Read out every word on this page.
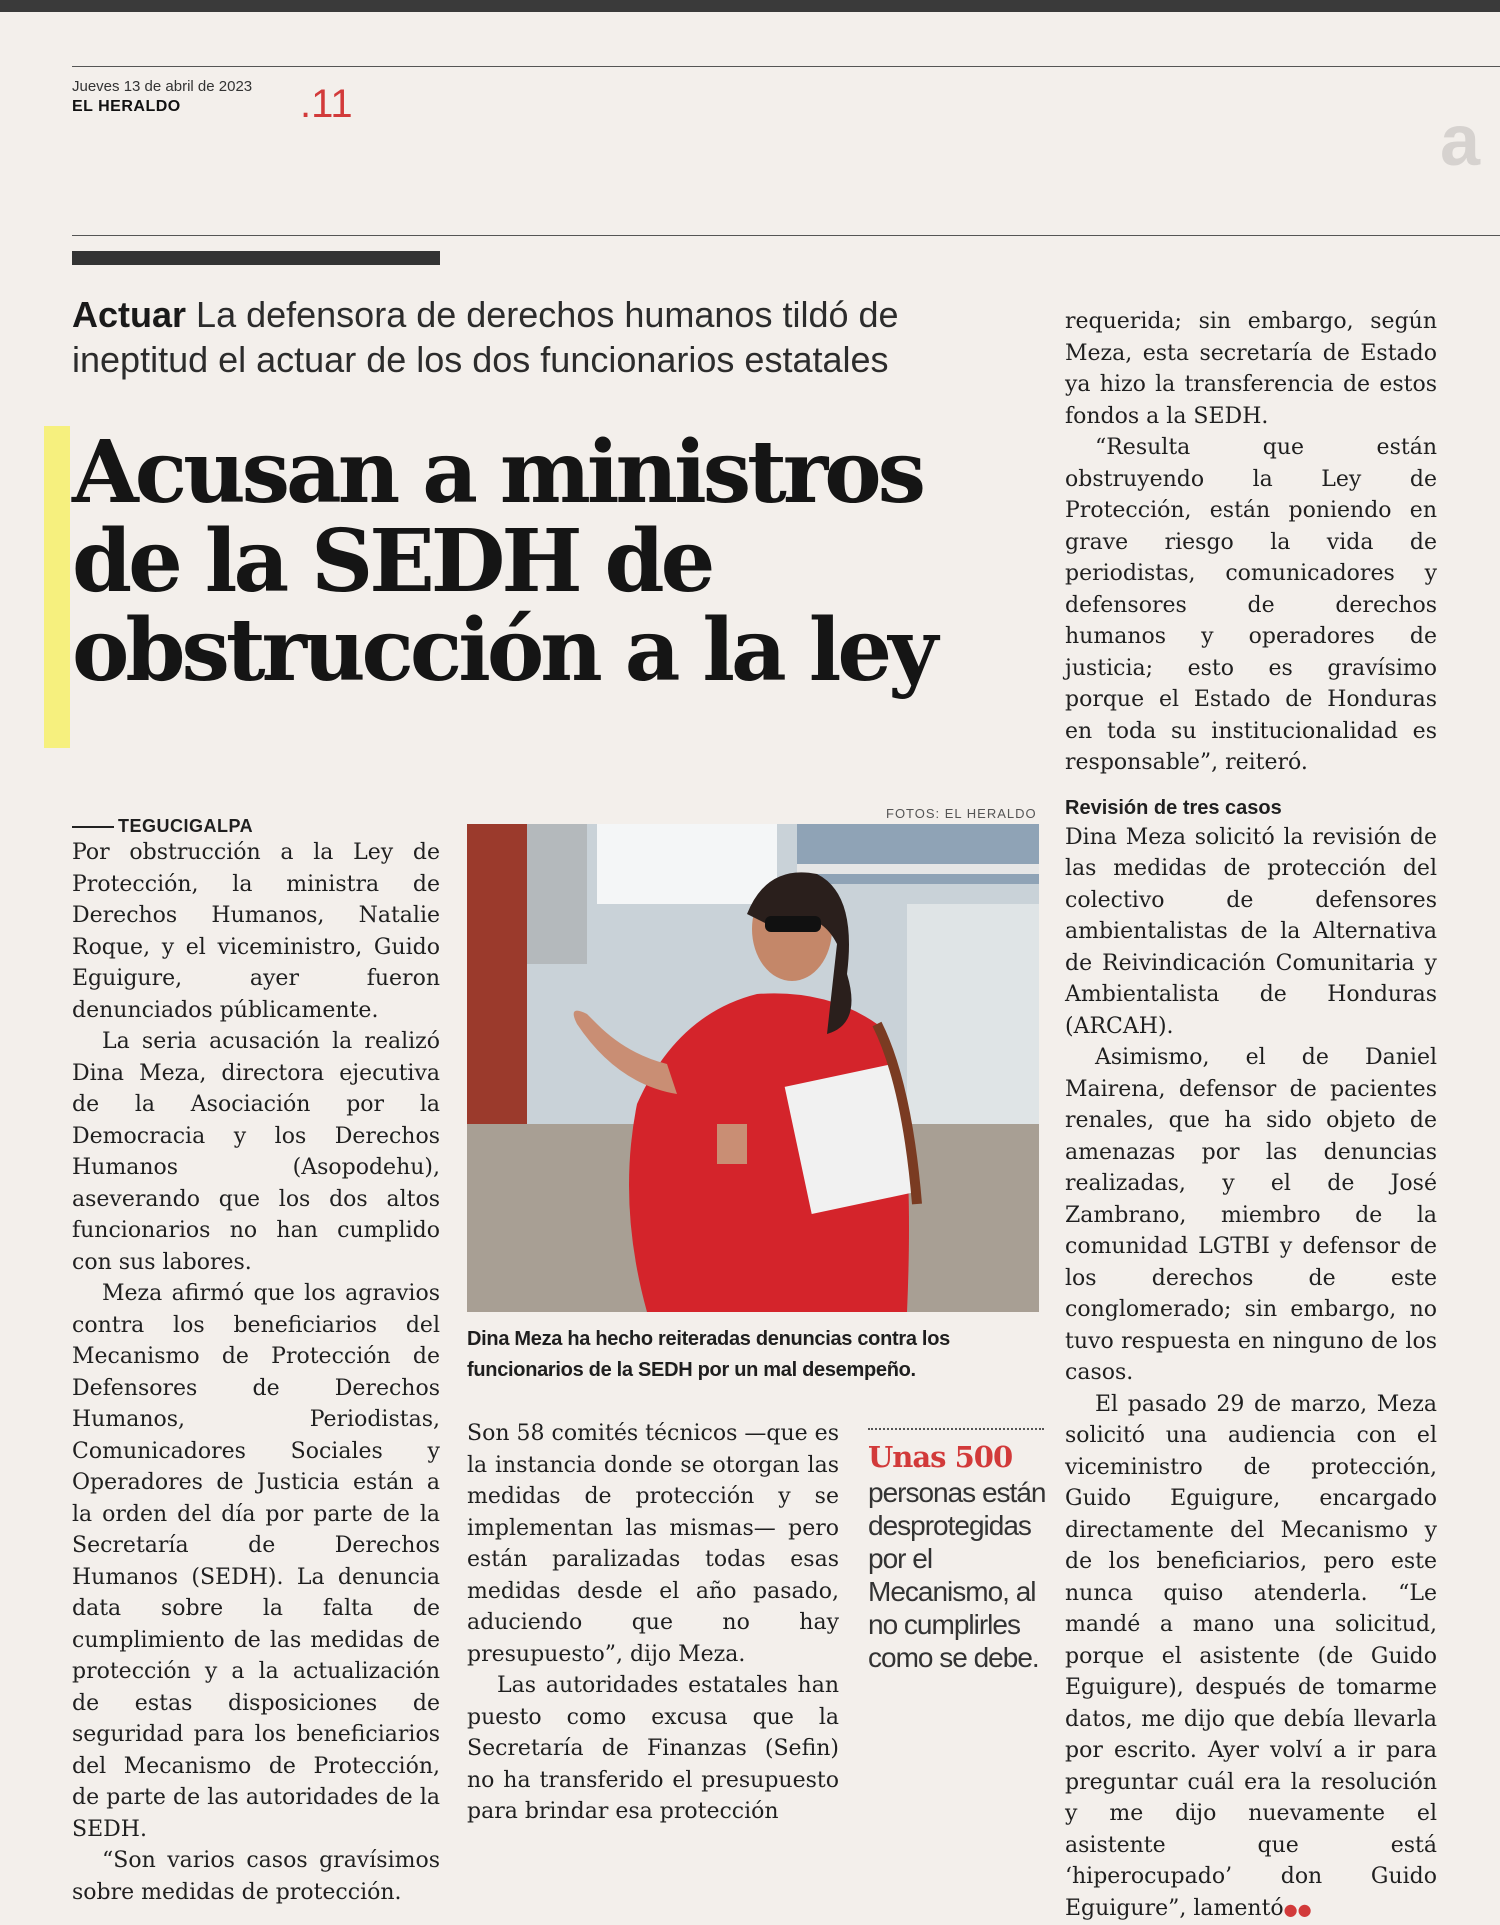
Jueves 13 de abril de 2023
EL HERALDO	.11	a
Actuar La defensora de derechos humanos tildó de ineptitud el actuar de los dos funcionarios estatales
Acusan a ministros
de la SEDH de
obstrucción a la ley
TEGUCIGALPA

Por obstrucción a la Ley de Protección, la ministra de Derechos Humanos, Natalie Roque, y el viceministro, Guido Eguigure, ayer fueron denunciados públicamente.

La seria acusación la realizó Dina Meza, directora ejecutiva de la Asociación por la Democracia y los Derechos Humanos (Asopodehu), aseverando que los dos altos funcionarios no han cumplido con sus labores.

Meza afirmó que los agravios contra los beneficiarios del Mecanismo de Protección de Defensores de Derechos Humanos, Periodistas, Comunicadores Sociales y Operadores de Justicia están a la orden del día por parte de la Secretaría de Derechos Humanos (SEDH). La denuncia data sobre la falta de cumplimiento de las medidas de protección y a la actualización de estas disposiciones de seguridad para los beneficiarios del Mecanismo de Protección, de parte de las autoridades de la SEDH.

“Son varios casos gravísimos sobre medidas de protección.

FOTOS: EL HERALDO
Dina Meza ha hecho reiteradas denuncias contra los funcionarios de la SEDH por un mal desempeño.

Son 58 comités técnicos —que es la instancia donde se otorgan las medidas de protección y se implementan las mismas— pero están paralizadas todas esas medidas desde el año pasado, aduciendo que no hay presupuesto”, dijo Meza.

Las autoridades estatales han puesto como excusa que la Secretaría de Finanzas (Sefin) no ha transferido el presupuesto para brindar esa protección

Unas 500
personas están desprotegidas por el Mecanismo, al no cumplirles como se debe.

requerida; sin embargo, según Meza, esta secretaría de Estado ya hizo la transferencia de estos fondos a la SEDH.

“Resulta que están obstruyendo la Ley de Protección, están poniendo en grave riesgo la vida de periodistas, comunicadores y defensores de derechos humanos y operadores de justicia; esto es gravísimo porque el Estado de Honduras en toda su institucionalidad es responsable”, reiteró.

Revisión de tres casos

Dina Meza solicitó la revisión de las medidas de protección del colectivo de defensores ambientalistas de la Alternativa de Reivindicación Comunitaria y Ambientalista de Honduras (ARCAH).

Asimismo, el de Daniel Mairena, defensor de pacientes renales, que ha sido objeto de amenazas por las denuncias realizadas, y el de José Zambrano, miembro de la comunidad LGTBI y defensor de los derechos de este conglomerado; sin embargo, no tuvo respuesta en ninguno de los casos.

El pasado 29 de marzo, Meza solicitó una audiencia con el viceministro de protección, Guido Eguigure, encargado directamente del Mecanismo y de los beneficiarios, pero este nunca quiso atenderla. “Le mandé a mano una solicitud, porque el asistente (de Guido Eguigure), después de tomarme datos, me dijo que debía llevarla por escrito. Ayer volví a ir para preguntar cuál era la resolución y me dijo nuevamente el asistente que está ‘hiperocupado’ don Guido Eguigure”, lamentó●●
